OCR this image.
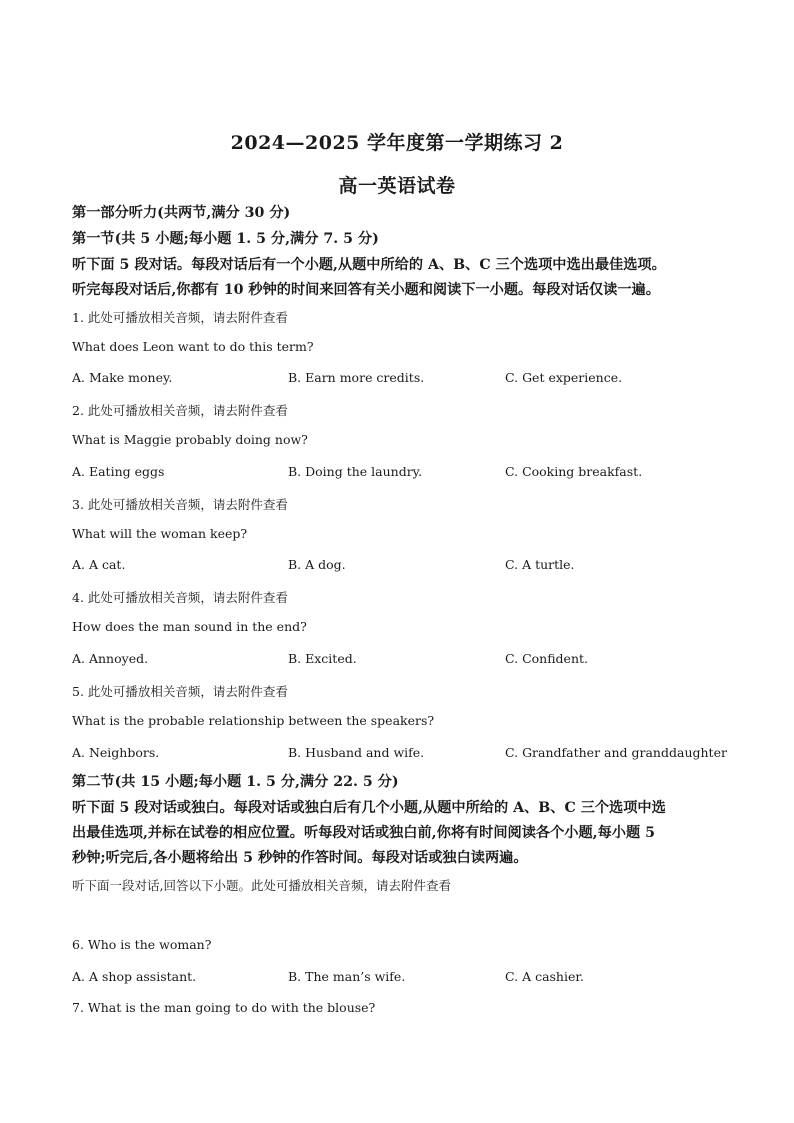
2024—2025 学年度第一学期练习 2
高一英语试卷
第一部分听力(共两节,满分 30 分)
第一节(共 5 小题;每小题 1. 5 分,满分 7. 5 分)
听下面 5 段对话。每段对话后有一个小题,从题中所给的 A、B、C 三个选项中选出最佳选项。
听完每段对话后,你都有 10 秒钟的时间来回答有关小题和阅读下一小题。每段对话仅读一遍。
1. 此处可播放相关音频，请去附件查看
What does Leon want to do this term?
A. Make money.	B. Earn more credits.	C. Get experience.
2. 此处可播放相关音频，请去附件查看
What is Maggie probably doing now?
A. Eating eggs	B. Doing the laundry.	C. Cooking breakfast.
3. 此处可播放相关音频，请去附件查看
What will the woman keep?
A. A cat.	B. A dog.	C. A turtle.
4. 此处可播放相关音频，请去附件查看
How does the man sound in the end?
A. Annoyed.	B. Excited.	C. Confident.
5. 此处可播放相关音频，请去附件查看
What is the probable relationship between the speakers?
A. Neighbors.	B. Husband and wife.	C. Grandfather and granddaughter
第二节(共 15 小题;每小题 1. 5 分,满分 22. 5 分)
听下面 5 段对话或独白。每段对话或独白后有几个小题,从题中所给的 A、B、C 三个选项中选
出最佳选项,并标在试卷的相应位置。听每段对话或独白前,你将有时间阅读各个小题,每小题 5
秒钟;听完后,各小题将给出 5 秒钟的作答时间。每段对话或独白读两遍。
听下面一段对话,回答以下小题。此处可播放相关音频，请去附件查看
6. Who is the woman?
A. A shop assistant.	B. The man’s wife.	C. A cashier.
7. What is the man going to do with the blouse?
